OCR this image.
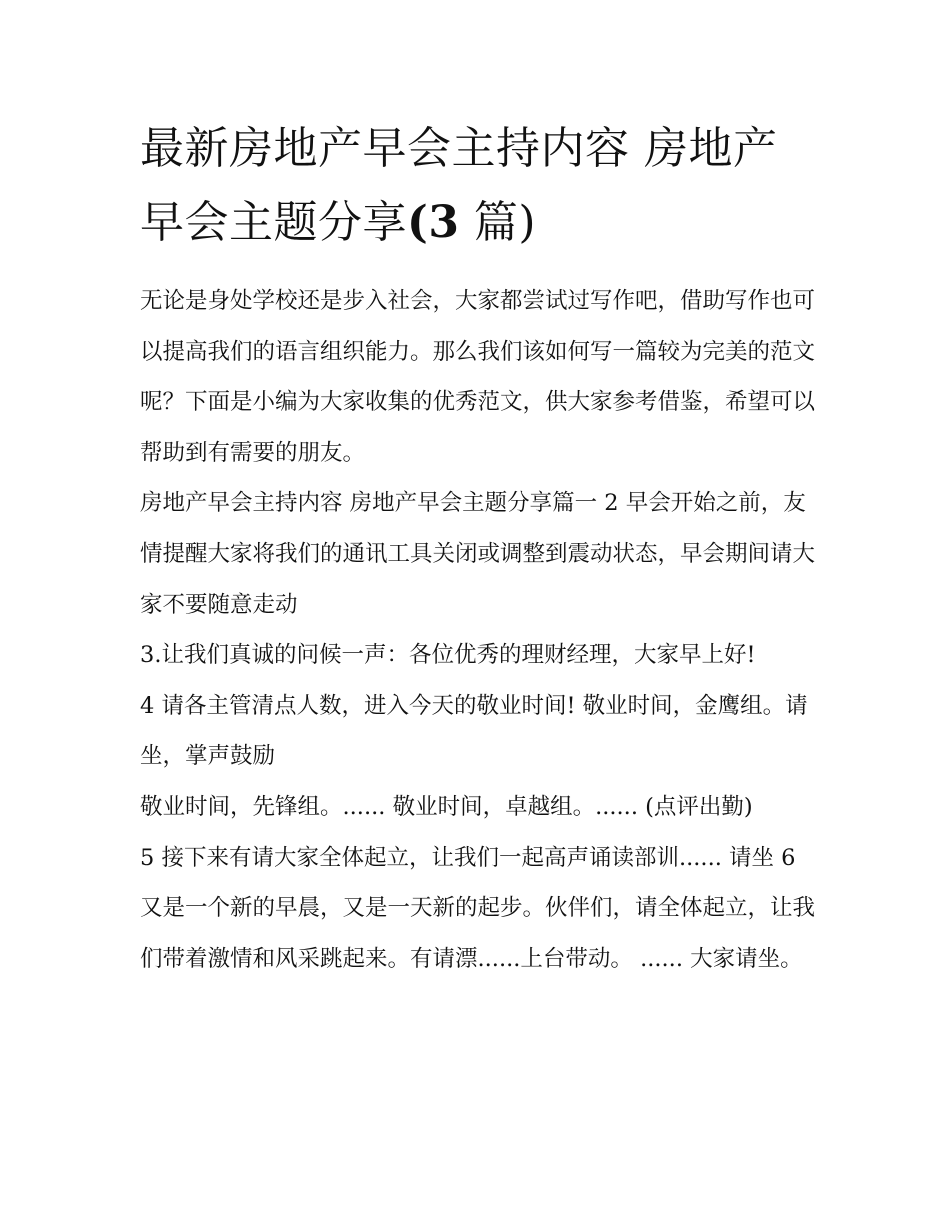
最新房地产早会主持内容 房地产早会主题分享(3 篇)

无论是身处学校还是步入社会，大家都尝试过写作吧，借助写作也可以提高我们的语言组织能力。那么我们该如何写一篇较为完美的范文呢？下面是小编为大家收集的优秀范文，供大家参考借鉴，希望可以帮助到有需要的朋友。

房地产早会主持内容 房地产早会主题分享篇一 2 早会开始之前，友情提醒大家将我们的通讯工具关闭或调整到震动状态，早会期间请大家不要随意走动

3.让我们真诚的问候一声：各位优秀的理财经理，大家早上好!

4 请各主管清点人数，进入今天的敬业时间! 敬业时间，金鹰组。请坐，掌声鼓励

敬业时间，先锋组。...... 敬业时间，卓越组。...... (点评出勤)

5 接下来有请大家全体起立，让我们一起高声诵读部训...... 请坐 6

又是一个新的早晨，又是一天新的起步。伙伴们，请全体起立，让我们带着激情和风采跳起来。有请漂......上台带动。 ...... 大家请坐。
